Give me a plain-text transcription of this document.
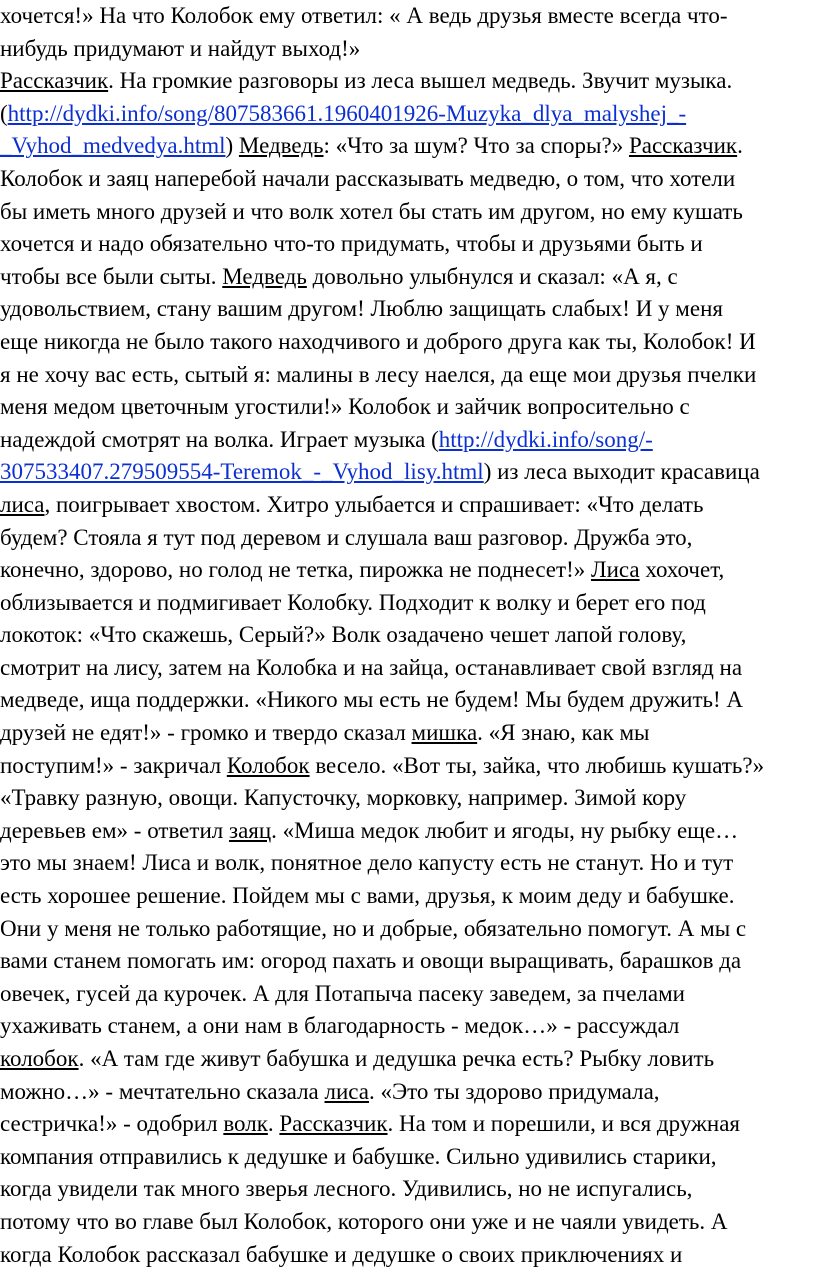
хочется!» На что Колобок ему ответил: « А ведь друзья вместе всегда что-
нибудь придумают и найдут выход!»
Рассказчик. На громкие разговоры из леса вышел медведь. Звучит музыка.
(http://dydki.info/song/807583661.1960401926-Muzyka_dlya_malyshej_-
_Vyhod_medvedya.html) Медведь: «Что за шум? Что за споры?» Рассказчик.
Колобок и заяц наперебой начали рассказывать медведю, о том, что хотели
бы иметь много друзей и что волк хотел бы стать им другом, но ему кушать
хочется и надо обязательно что-то придумать, чтобы и друзьями быть и
чтобы все были сыты. Медведь довольно улыбнулся и сказал: «А я, с
удовольствием, стану вашим другом! Люблю защищать слабых! И у меня
еще никогда не было такого находчивого и доброго друга как ты, Колобок! И
я не хочу вас есть, сытый я: малины в лесу наелся, да еще мои друзья пчелки
меня медом цветочным угостили!» Колобок и зайчик вопросительно с
надеждой смотрят на волка. Играет музыка (http://dydki.info/song/-
307533407.279509554-Teremok_-_Vyhod_lisy.html) из леса выходит красавица
лиса, поигрывает хвостом. Хитро улыбается и спрашивает: «Что делать
будем? Стояла я тут под деревом и слушала ваш разговор. Дружба это,
конечно, здорово, но голод не тетка, пирожка не поднесет!» Лиса хохочет,
облизывается и подмигивает Колобку. Подходит к волку и берет его под
локоток: «Что скажешь, Серый?» Волк озадачено чешет лапой голову,
смотрит на лису, затем на Колобка и на зайца, останавливает свой взгляд на
медведе, ища поддержки. «Никого мы есть не будем! Мы будем дружить! А
друзей не едят!» - громко и твердо сказал мишка. «Я знаю, как мы
поступим!» - закричал Колобок весело. «Вот ты, зайка, что любишь кушать?»
«Травку разную, овощи. Капусточку, морковку, например. Зимой кору
деревьев ем» - ответил заяц. «Миша медок любит и ягоды, ну рыбку еще…
это мы знаем! Лиса и волк, понятное дело капусту есть не станут. Но и тут
есть хорошее решение. Пойдем мы с вами, друзья, к моим деду и бабушке.
Они у меня не только работящие, но и добрые, обязательно помогут. А мы с
вами станем помогать им: огород пахать и овощи выращивать, барашков да
овечек, гусей да курочек. А для Потапыча пасеку заведем, за пчелами
ухаживать станем, а они нам в благодарность - медок…» - рассуждал
колобок. «А там где живут бабушка и дедушка речка есть? Рыбку ловить
можно…» - мечтательно сказала лиса. «Это ты здорово придумала,
сестричка!» - одобрил волк. Рассказчик. На том и порешили, и вся дружная
компания отправились к дедушке и бабушке. Сильно удивились старики,
когда увидели так много зверья лесного. Удивились, но не испугались,
потому что во главе был Колобок, которого они уже и не чаяли увидеть. А
когда Колобок рассказал бабушке и дедушке о своих приключениях и
